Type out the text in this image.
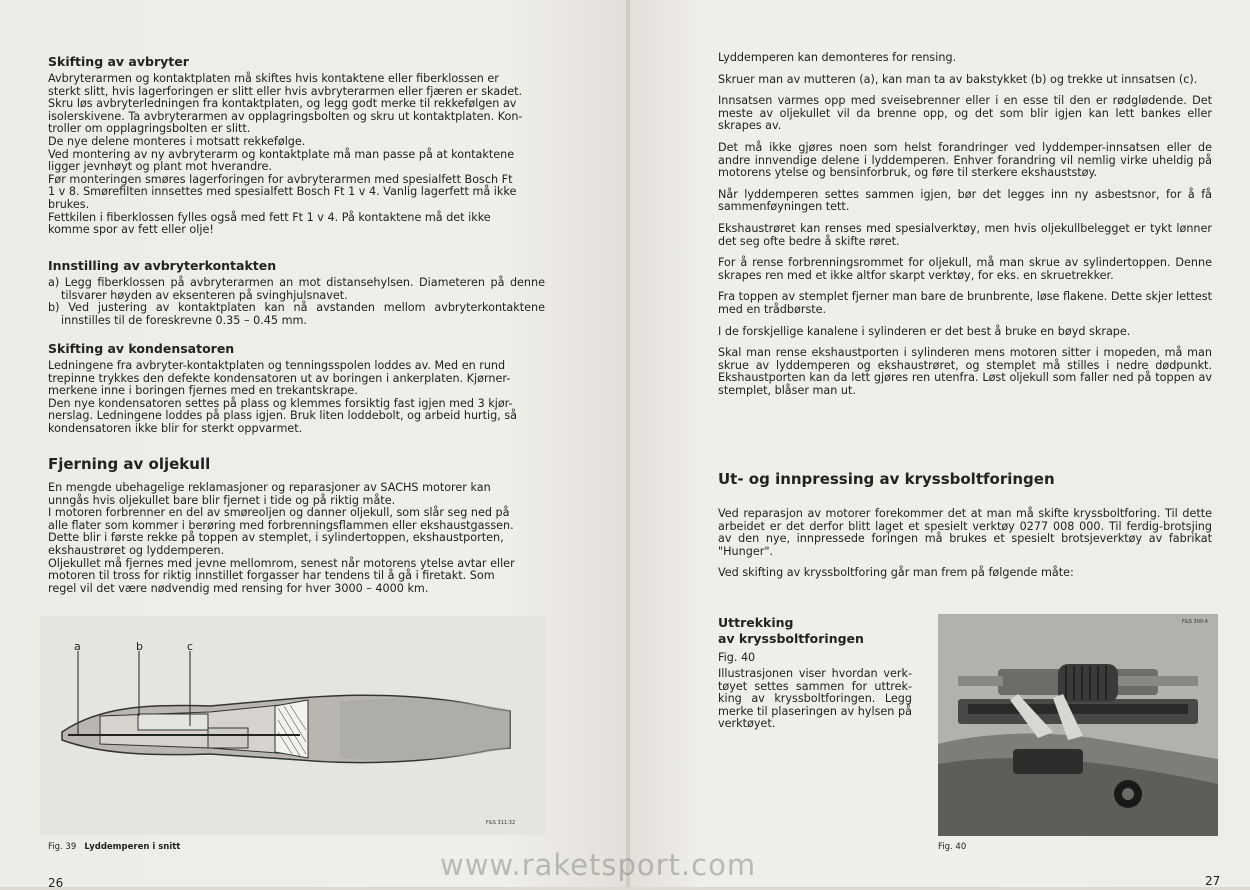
Skifting av avbryter

Avbryterarmen og kontaktplaten må skiftes hvis kontaktene eller fiberklossen er

sterkt slitt, hvis lagerforingen er slitt eller hvis avbryterarmen eller fjæren er skadet.

Skru løs avbryterledningen fra kontaktplaten, og legg godt merke til rekkefølgen av

isolerskivene. Ta avbryterarmen av opplagringsbolten og skru ut kontaktplaten. Kon-

troller om opplagringsbolten er slitt.

De nye delene monteres i motsatt rekkefølge.

Ved montering av ny avbryterarm og kontaktplate må man passe på at kontaktene

ligger jevnhøyt og plant mot hverandre.

Før monteringen smøres lagerforingen for avbryterarmen med spesialfett Bosch Ft

1 v 8. Smørefilten innsettes med spesialfett Bosch Ft 1 v 4. Vanlig lagerfett må ikke

brukes.

Fettkilen i fiberklossen fylles også med fett Ft 1 v 4. På kontaktene må det ikke

komme spor av fett eller olje!

Innstilling av avbryterkontakten

a) Legg fiberklossen på avbryterarmen an mot distansehylsen. Diameteren på denne tilsvarer høyden av eksenteren på svinghjulsnavet.

b) Ved justering av kontaktplaten kan nå avstanden mellom avbryterkontaktene innstilles til de foreskrevne 0.35 – 0.45 mm.

Skifting av kondensatoren

Ledningene fra avbryter-kontaktplaten og tenningsspolen loddes av. Med en rund

trepinne trykkes den defekte kondensatoren ut av boringen i ankerplaten. Kjørner-

merkene inne i boringen fjernes med en trekantskrape.

Den nye kondensatoren settes på plass og klemmes forsiktig fast igjen med 3 kjør-

nerslag. Ledningene loddes på plass igjen. Bruk liten loddebolt, og arbeid hurtig, så

kondensatoren ikke blir for sterkt oppvarmet.

Fjerning av oljekull

En mengde ubehagelige reklamasjoner og reparasjoner av SACHS motorer kan

unngås hvis oljekullet bare blir fjernet i tide og på riktig måte.

I motoren forbrenner en del av smøreoljen og danner oljekull, som slår seg ned på

alle flater som kommer i berøring med forbrenningsflammen eller ekshaustgassen.

Dette blir i første rekke på toppen av stemplet, i sylindertoppen, ekshaustporten,

ekshaustrøret og lyddemperen.

Oljekullet må fjernes med jevne mellomrom, senest når motorens ytelse avtar eller

motoren til tross for riktig innstillet forgasser har tendens til å gå i firetakt. Som

regel vil det være nødvendig med rensing for hver 3000 – 4000 km.

a	b	c
F&S 311:32
Fig. 39 Lyddemperen i snitt
26

Lyddemperen kan demonteres for rensing.

Skruer man av mutteren (a), kan man ta av bakstykket (b) og trekke ut innsatsen (c).

Innsatsen varmes opp med sveisebrenner eller i en esse til den er rødglødende. Det meste av oljekullet vil da brenne opp, og det som blir igjen kan lett bankes eller skrapes av.

Det må ikke gjøres noen som helst forandringer ved lyddemper-innsatsen eller de andre innvendige delene i lyddemperen. Enhver forandring vil nemlig virke uheldig på motorens ytelse og bensinforbruk, og føre til sterkere ekshauststøy.

Når lyddemperen settes sammen igjen, bør det legges inn ny asbestsnor, for å få sammenføyningen tett.

Ekshaustrøret kan renses med spesialverktøy, men hvis oljekullbelegget er tykt lønner det seg ofte bedre å skifte røret.

For å rense forbrenningsrommet for oljekull, må man skrue av sylindertoppen. Denne skrapes ren med et ikke altfor skarpt verktøy, for eks. en skruetrekker.

Fra toppen av stemplet fjerner man bare de brunbrente, løse flakene. Dette skjer lettest med en trådbørste.

I de forskjellige kanalene i sylinderen er det best å bruke en bøyd skrape.

Skal man rense ekshaustporten i sylinderen mens motoren sitter i mopeden, må man skrue av lyddemperen og ekshaustrøret, og stemplet må stilles i nedre dødpunkt. Ekshaustporten kan da lett gjøres ren utenfra. Løst oljekull som faller ned på toppen av stemplet, blåser man ut.

Ut- og innpressing av kryssboltforingen

Ved reparasjon av motorer forekommer det at man må skifte kryssboltforing. Til dette arbeidet er det derfor blitt laget et spesielt verktøy 0277 008 000. Til ferdig-brotsjing av den nye, innpressede foringen må brukes et spesielt brotsjeverktøy av fabrikat "Hunger".

Ved skifting av kryssboltforing går man frem på følgende måte:

Uttrekking
av kryssboltforingen
Fig. 40
Illustrasjonen viser hvordan verk-tøyet settes sammen for uttrek-king av kryssboltforingen. Legg merke til plaseringen av hylsen på verktøyet.
F&S 300:4
Fig. 40
27
www.raketsport.com
